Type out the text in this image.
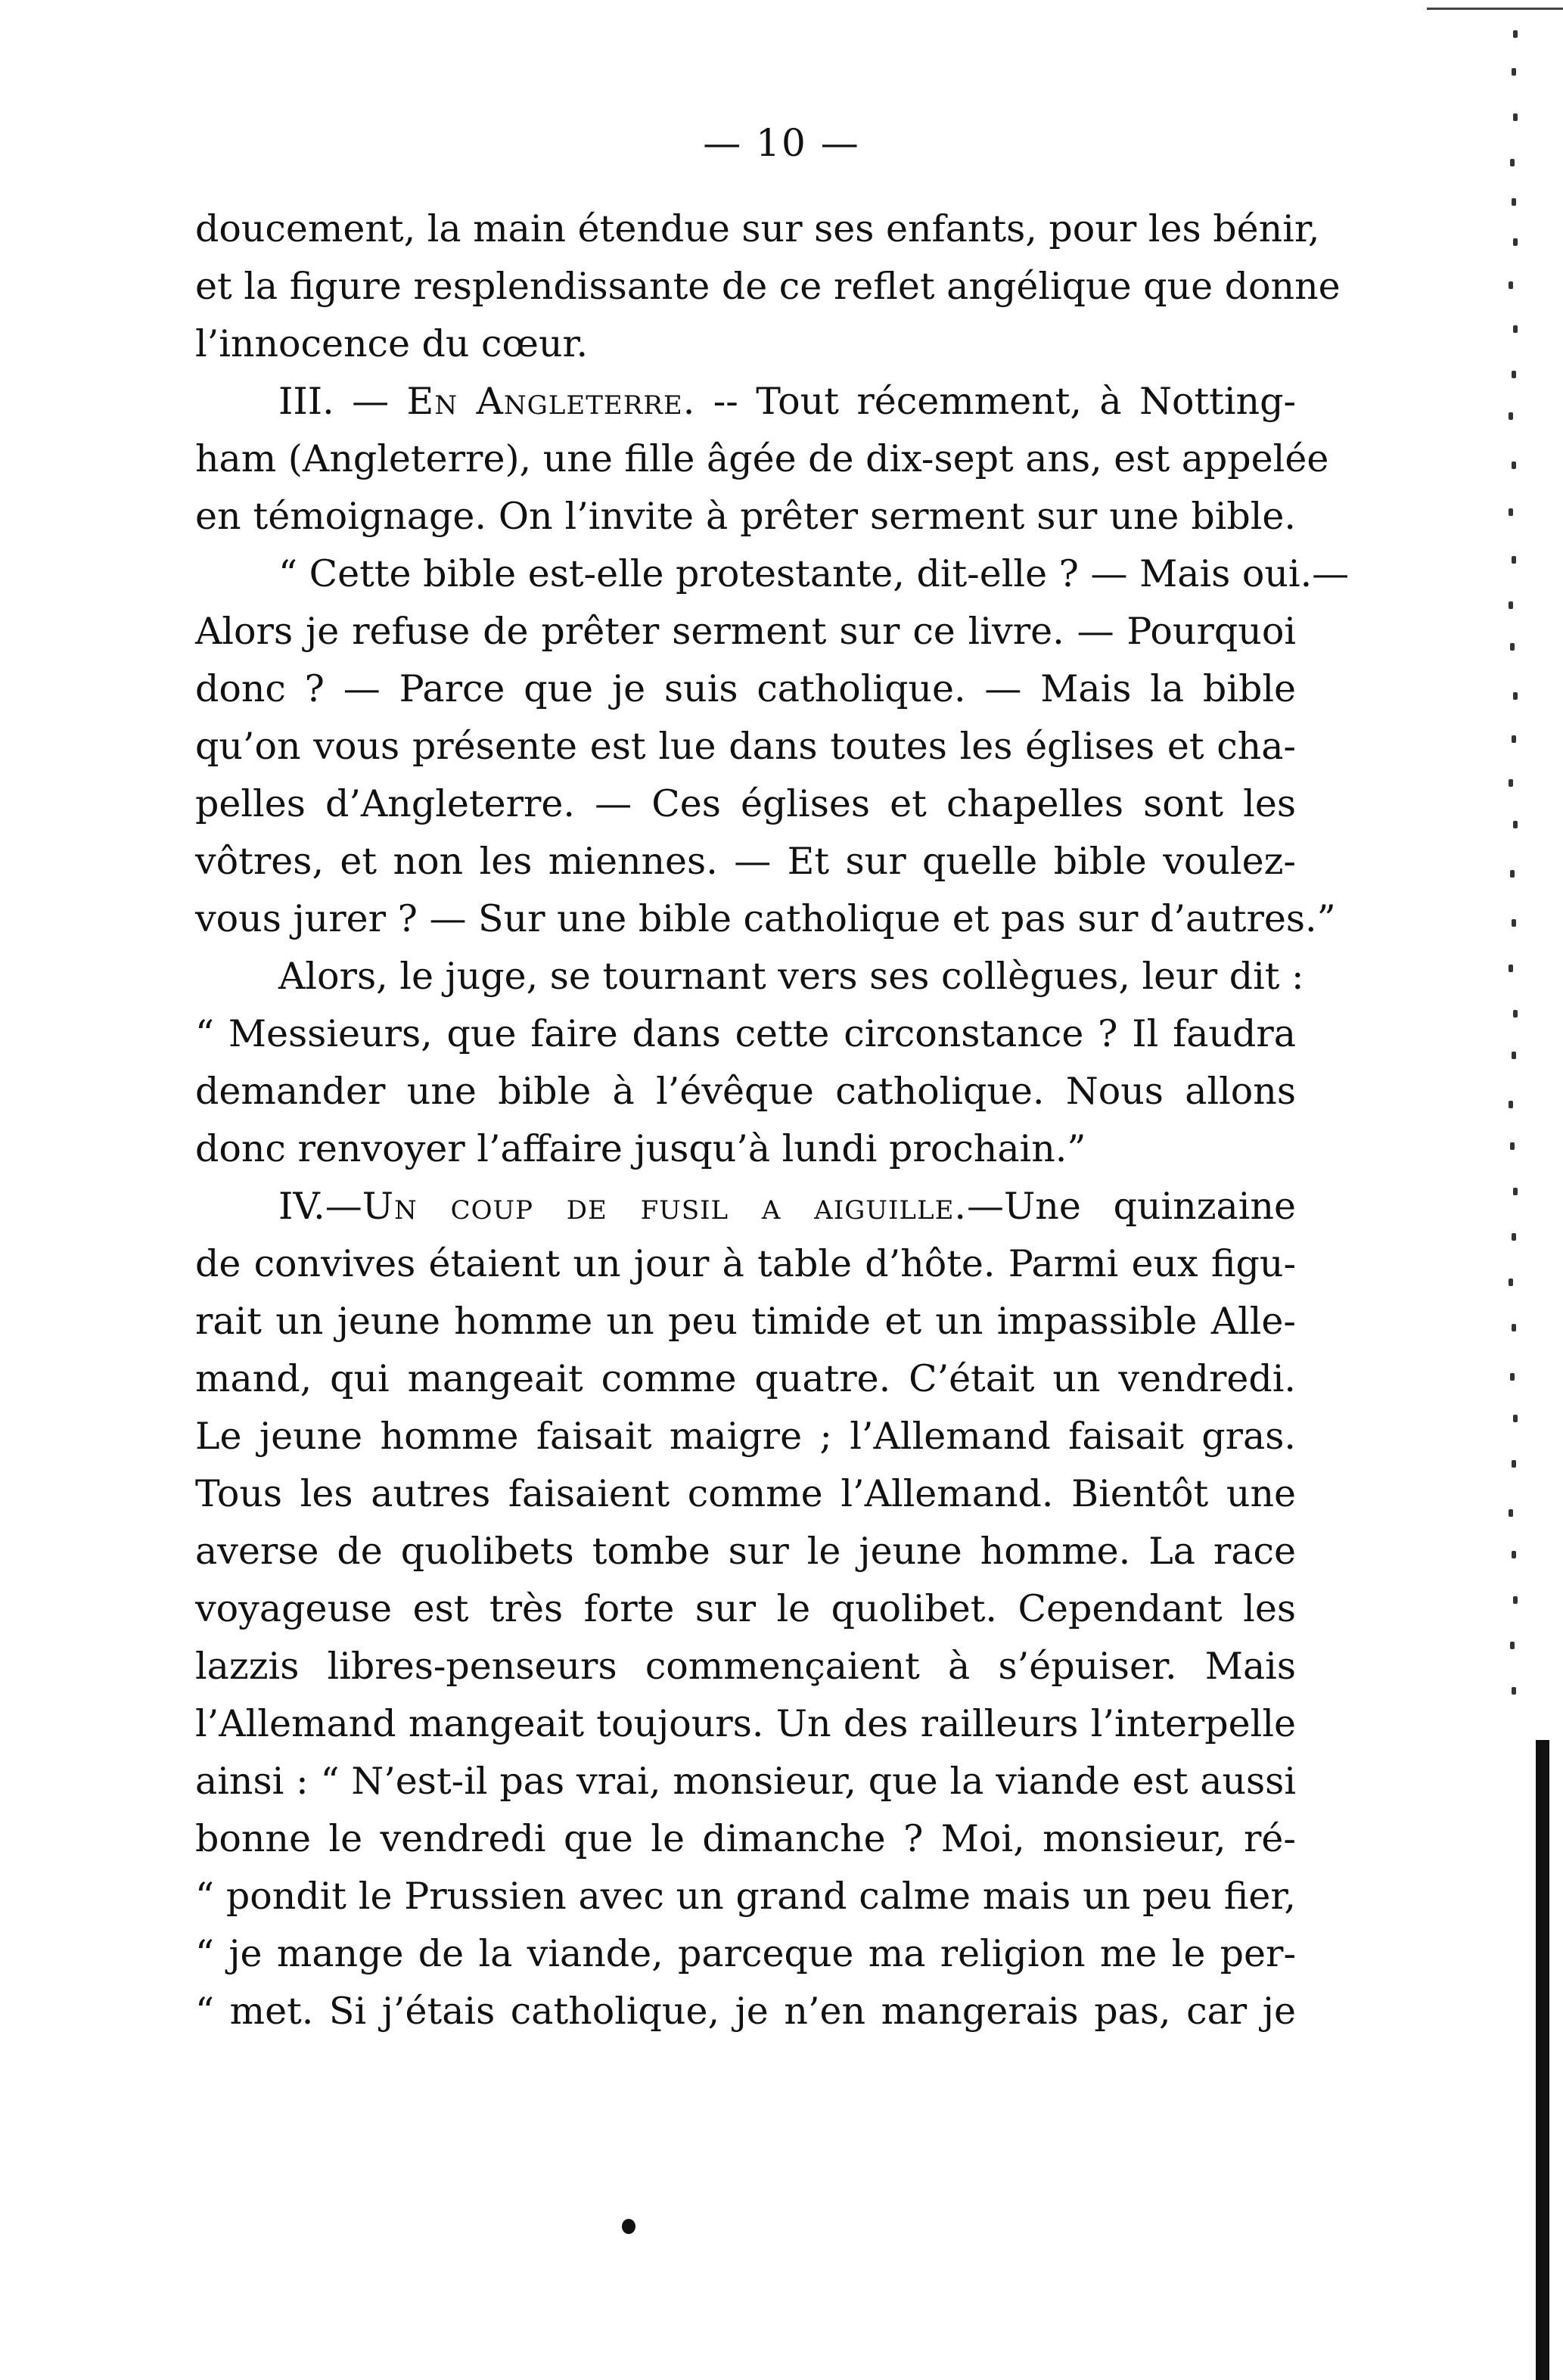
— 10 —
doucement, la main étendue sur ses enfants, pour les bénir,
et la figure resplendissante de ce reflet angélique que donne
l’innocence du cœur.
III. — En Angleterre. -- Tout récemment, à Notting-
ham (Angleterre), une fille âgée de dix-sept ans, est appelée
en témoignage. On l’invite à prêter serment sur une bible.
“ Cette bible est-elle protestante, dit-elle ? — Mais oui.—
Alors je refuse de prêter serment sur ce livre. — Pourquoi
donc ? — Parce que je suis catholique. — Mais la bible
qu’on vous présente est lue dans toutes les églises et cha-
pelles d’Angleterre. — Ces églises et chapelles sont les
vôtres, et non les miennes. — Et sur quelle bible voulez-
vous jurer ? — Sur une bible catholique et pas sur d’autres.”
Alors, le juge, se tournant vers ses collègues, leur dit :
“ Messieurs, que faire dans cette circonstance ? Il faudra
demander une bible à l’évêque catholique. Nous allons
donc renvoyer l’affaire jusqu’à lundi prochain.”
IV.—Un coup de fusil a aiguille.—Une quinzaine
de convives étaient un jour à table d’hôte. Parmi eux figu-
rait un jeune homme un peu timide et un impassible Alle-
mand, qui mangeait comme quatre. C’était un vendredi.
Le jeune homme faisait maigre ; l’Allemand faisait gras.
Tous les autres faisaient comme l’Allemand. Bientôt une
averse de quolibets tombe sur le jeune homme. La race
voyageuse est très forte sur le quolibet. Cependant les
lazzis libres-penseurs commençaient à s’épuiser. Mais
l’Allemand mangeait toujours. Un des railleurs l’interpelle
ainsi : “ N’est-il pas vrai, monsieur, que la viande est aussi
bonne le vendredi que le dimanche ? Moi, monsieur, ré-
“ pondit le Prussien avec un grand calme mais un peu fier,
“ je mange de la viande, parceque ma religion me le per-
“ met. Si j’étais catholique, je n’en mangerais pas, car je
